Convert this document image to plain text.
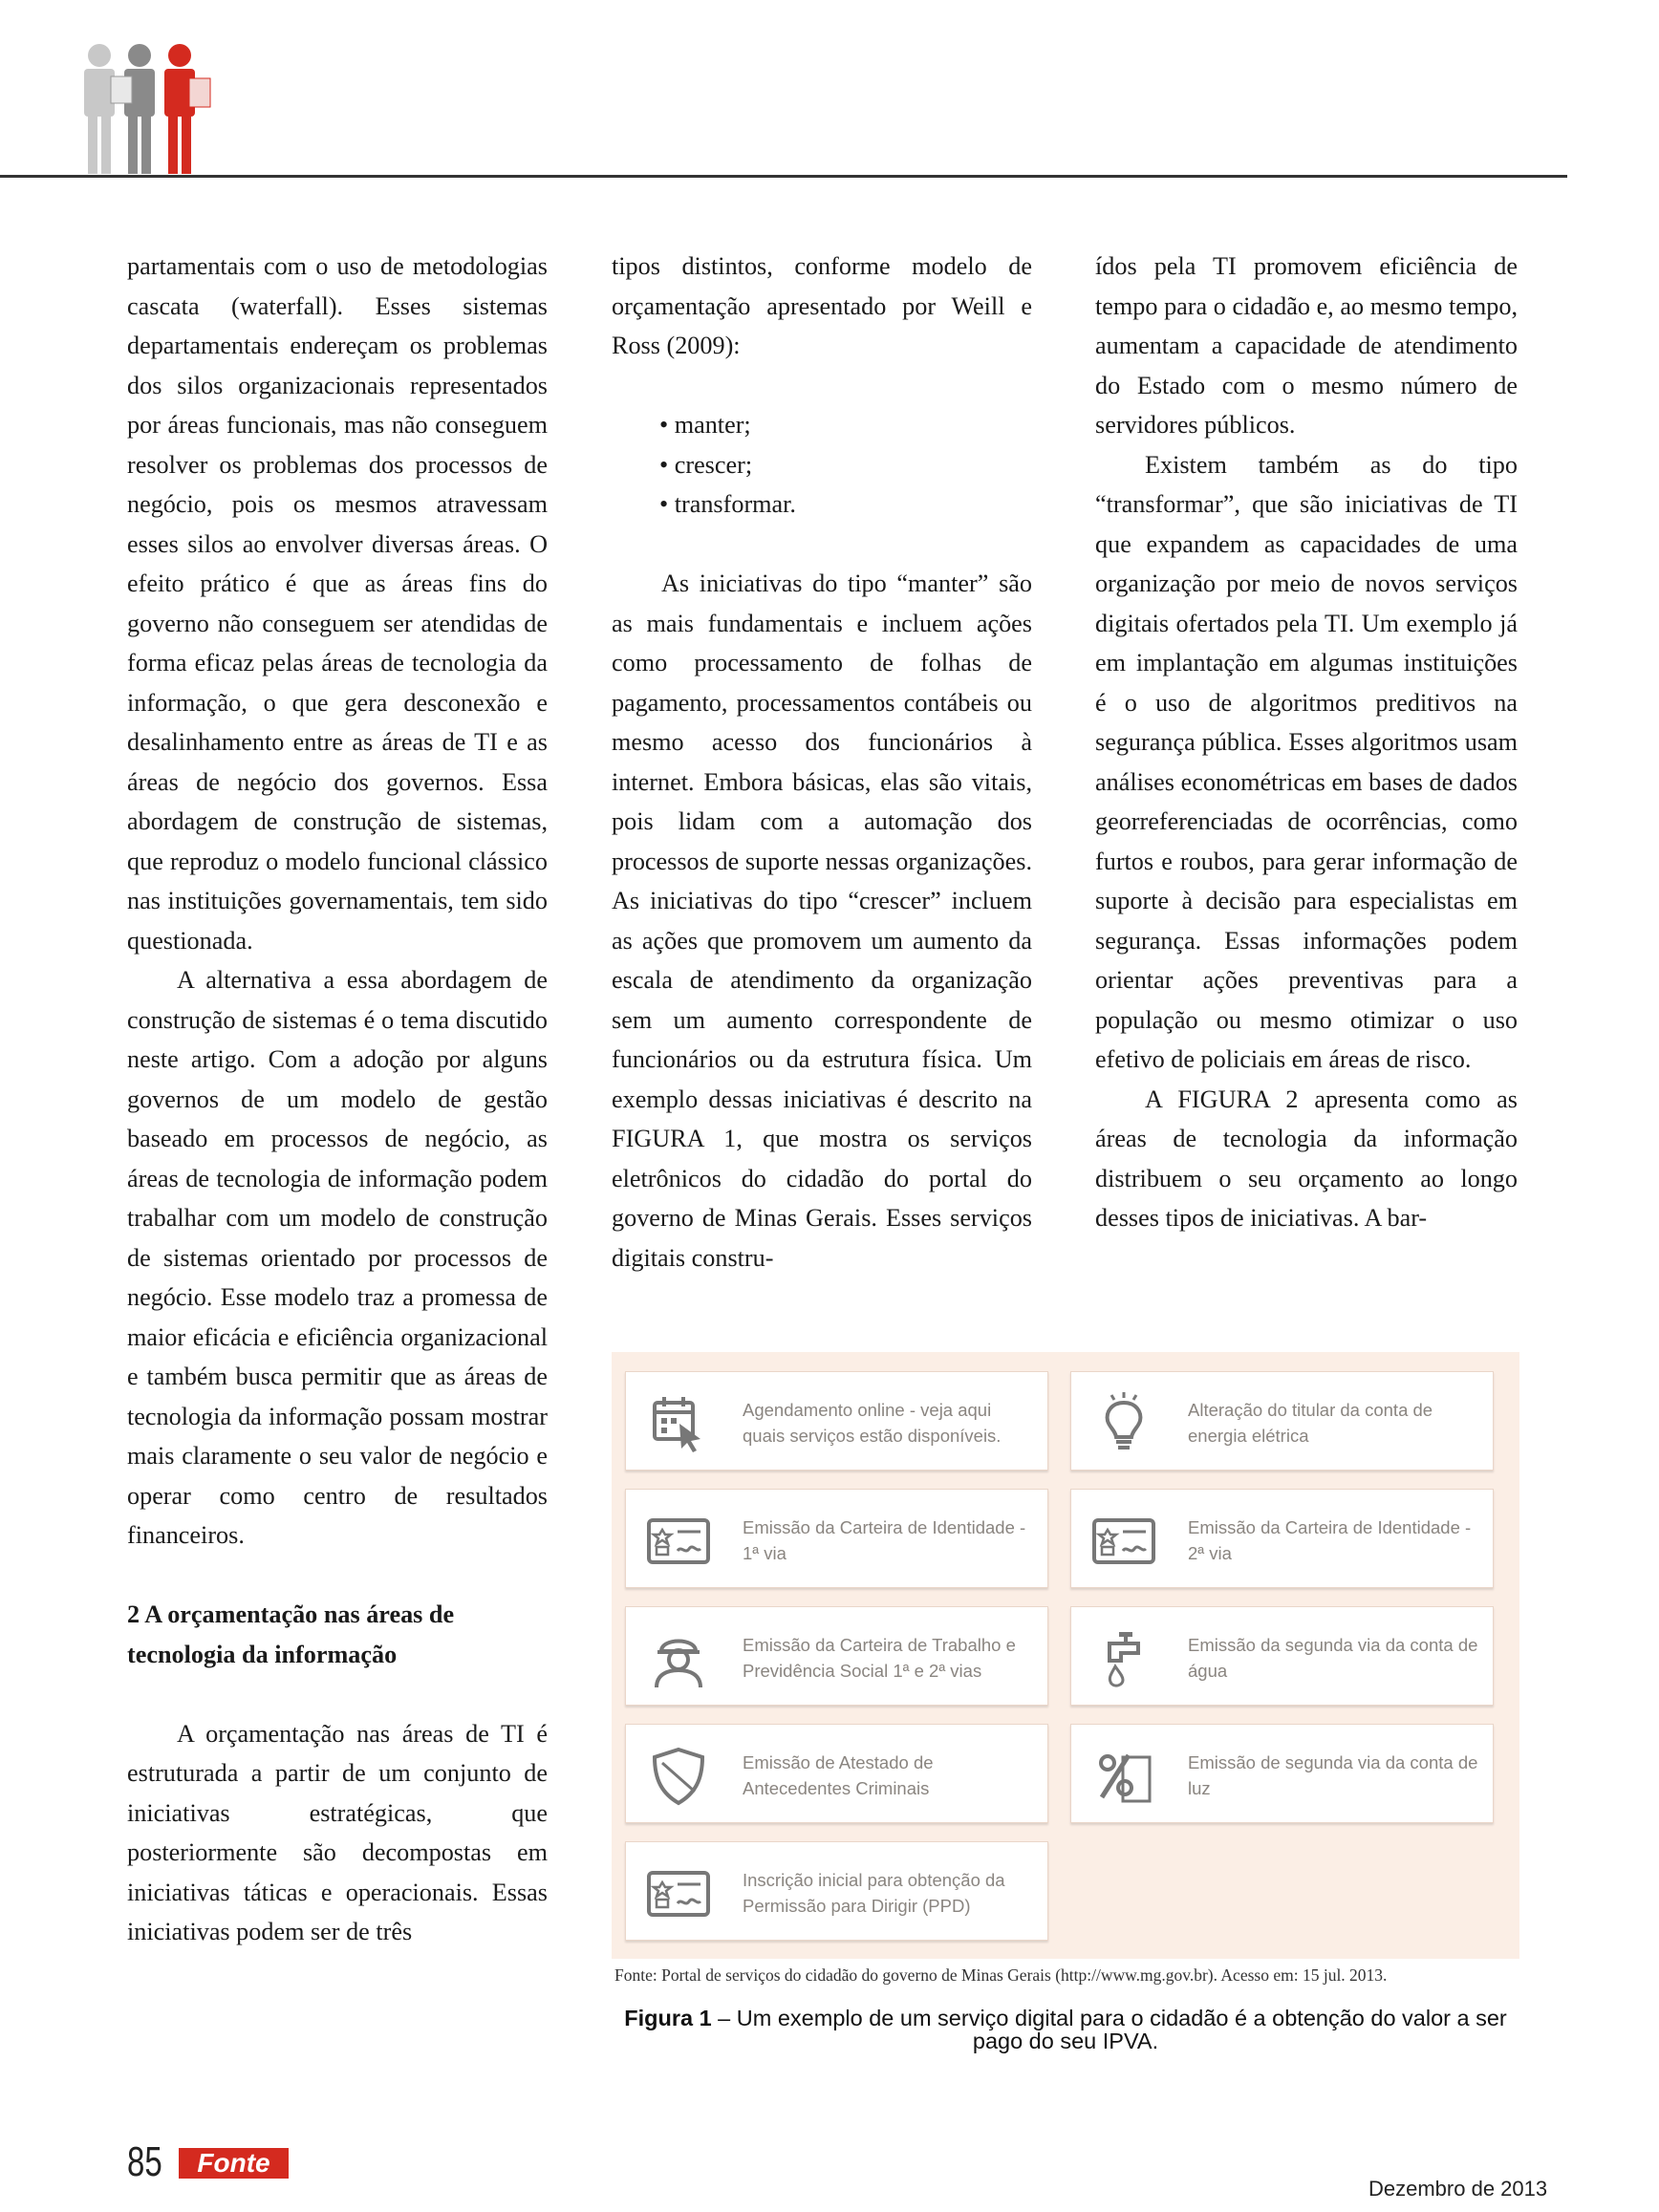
partamentais com o uso de metodologias cascata (waterfall). Esses sistemas departamentais endereçam os problemas dos silos organizacionais representados por áreas funcionais, mas não conseguem resolver os problemas dos processos de negócio, pois os mesmos atravessam esses silos ao envolver diversas áreas. O efeito prático é que as áreas fins do governo não conseguem ser atendidas de forma eficaz pelas áreas de tecnologia da informação, o que gera desconexão e desalinhamento entre as áreas de TI e as áreas de negócio dos governos. Essa abordagem de construção de sistemas, que reproduz o modelo funcional clássico nas instituições governamentais, tem sido questionada.

A alternativa a essa abordagem de construção de sistemas é o tema discutido neste artigo. Com a adoção por alguns governos de um modelo de gestão baseado em processos de negócio, as áreas de tecnologia de informação podem trabalhar com um modelo de construção de sistemas orientado por processos de negócio. Esse modelo traz a promessa de maior eficácia e eficiência organizacional e também busca permitir que as áreas de tecnologia da informação possam mostrar mais claramente o seu valor de negócio e operar como centro de resultados financeiros.

2 A orçamentação nas áreas de tecnologia da informação

A orçamentação nas áreas de TI é estruturada a partir de um conjunto de iniciativas estratégicas, que posteriormente são decompostas em iniciativas táticas e operacionais. Essas iniciativas podem ser de três

tipos distintos, conforme modelo de orçamentação apresentado por Weill e Ross (2009):

• manter;
• crescer;
• transformar.

As iniciativas do tipo “manter” são as mais fundamentais e incluem ações como processamento de folhas de pagamento, processamentos contábeis ou mesmo acesso dos funcionários à internet. Embora básicas, elas são vitais, pois lidam com a automação dos processos de suporte nessas organizações. As iniciativas do tipo “crescer” incluem as ações que promovem um aumento da escala de atendimento da organização sem um aumento correspondente de funcionários ou da estrutura física. Um exemplo dessas iniciativas é descrito na FIGURA 1, que mostra os serviços eletrônicos do cidadão do portal do governo de Minas Gerais. Esses serviços digitais constru-

ídos pela TI promovem eficiência de tempo para o cidadão e, ao mesmo tempo, aumentam a capacidade de atendimento do Estado com o mesmo número de servidores públicos.

Existem também as do tipo “transformar”, que são iniciativas de TI que expandem as capacidades de uma organização por meio de novos serviços digitais ofertados pela TI. Um exemplo já em implantação em algumas instituições é o uso de algoritmos preditivos na segurança pública. Esses algoritmos usam análises econométricas em bases de dados georreferenciadas de ocorrências, como furtos e roubos, para gerar informação de suporte à decisão para especialistas em segurança. Essas informações podem orientar ações preventivas para a população ou mesmo otimizar o uso efetivo de policiais em áreas de risco.

A FIGURA 2 apresenta como as áreas de tecnologia da informação distribuem o seu orçamento ao longo desses tipos de iniciativas. A bar-

Agendamento online - veja aqui quais serviços estão disponíveis.
Alteração do titular da conta de energia elétrica
Emissão da Carteira de Identidade - 1ª via
Emissão da Carteira de Identidade - 2ª via
Emissão da Carteira de Trabalho e Previdência Social 1ª e 2ª vias
Emissão da segunda via da conta de água
Emissão de Atestado de Antecedentes Criminais
Emissão de segunda via da conta de luz
Inscrição inicial para obtenção da Permissão para Dirigir (PPD)
Fonte: Portal de serviços do cidadão do governo de Minas Gerais (http://www.mg.gov.br). Acesso em: 15 jul. 2013.
Figura 1 – Um exemplo de um serviço digital para o cidadão é a obtenção do valor a ser pago do seu IPVA.
85	Fonte
Dezembro de 2013
